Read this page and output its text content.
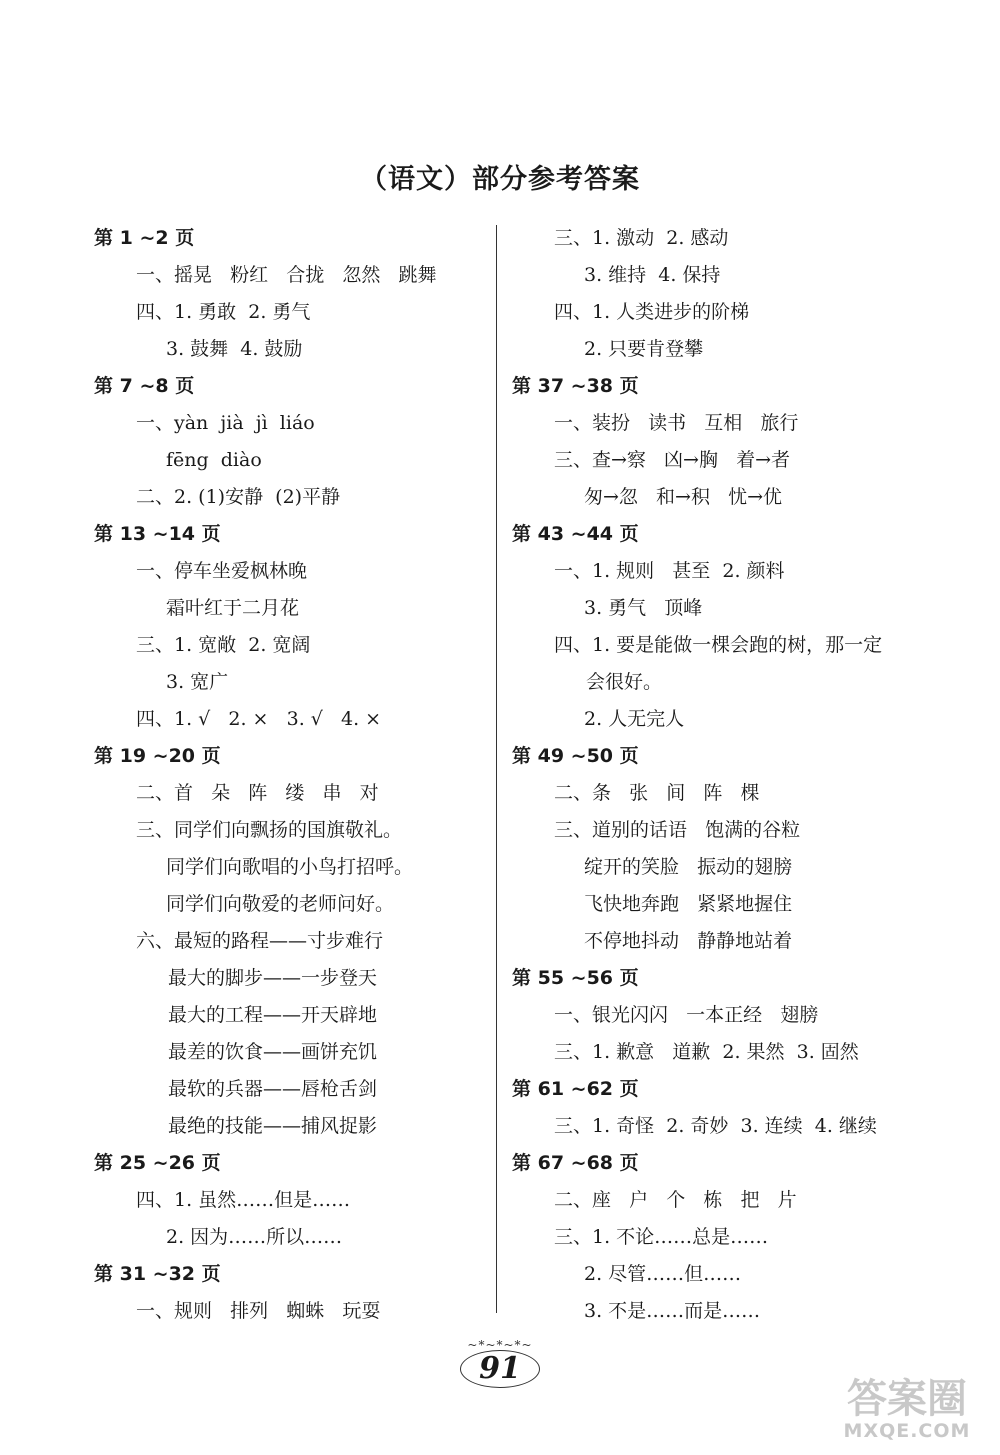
（语文）部分参考答案
第 1 ~2 页
一、摇晃   粉红   合拢   忽然   跳舞
四、1. 勇敢  2. 勇气
3. 鼓舞  4. 鼓励
第 7 ~8 页
一、yàn  jià  jì  liáo
fēng  diào
二、2. (1)安静  (2)平静
第 13 ~14 页
一、停车坐爱枫林晚
霜叶红于二月花
三、1. 宽敞  2. 宽阔
3. 宽广
四、1. √   2. ×   3. √   4. ×
第 19 ~20 页
二、首   朵   阵   缕   串   对
三、同学们向飘扬的国旗敬礼。
同学们向歌唱的小鸟打招呼。
同学们向敬爱的老师问好。
六、最短的路程——寸步难行
最大的脚步——一步登天
最大的工程——开天辟地
最差的饮食——画饼充饥
最软的兵器——唇枪舌剑
最绝的技能——捕风捉影
第 25 ~26 页
四、1. 虽然……但是……
2. 因为……所以……
第 31 ~32 页
一、规则   排列   蜘蛛   玩耍
三、1. 激动  2. 感动
3. 维持  4. 保持
四、1. 人类进步的阶梯
2. 只要肯登攀
第 37 ~38 页
一、装扮   读书   互相   旅行
三、查→察   凶→胸   着→者
匆→忽   和→积   忧→优
第 43 ~44 页
一、1. 规则   甚至  2. 颜料
3. 勇气   顶峰
四、1. 要是能做一棵会跑的树，那一定
会很好。
2. 人无完人
第 49 ~50 页
二、条   张   间   阵   棵
三、道别的话语   饱满的谷粒
绽开的笑脸   振动的翅膀
飞快地奔跑   紧紧地握住
不停地抖动   静静地站着
第 55 ~56 页
一、银光闪闪   一本正经   翅膀
三、1. 歉意   道歉  2. 果然  3. 固然
第 61 ~62 页
三、1. 奇怪  2. 奇妙  3. 连续  4. 继续
第 67 ~68 页
二、座   户   个   栋   把   片
三、1. 不论……总是……
2. 尽管……但……
3. 不是……而是……
~*~*~*~
91
答案圈
MXQE.COM
